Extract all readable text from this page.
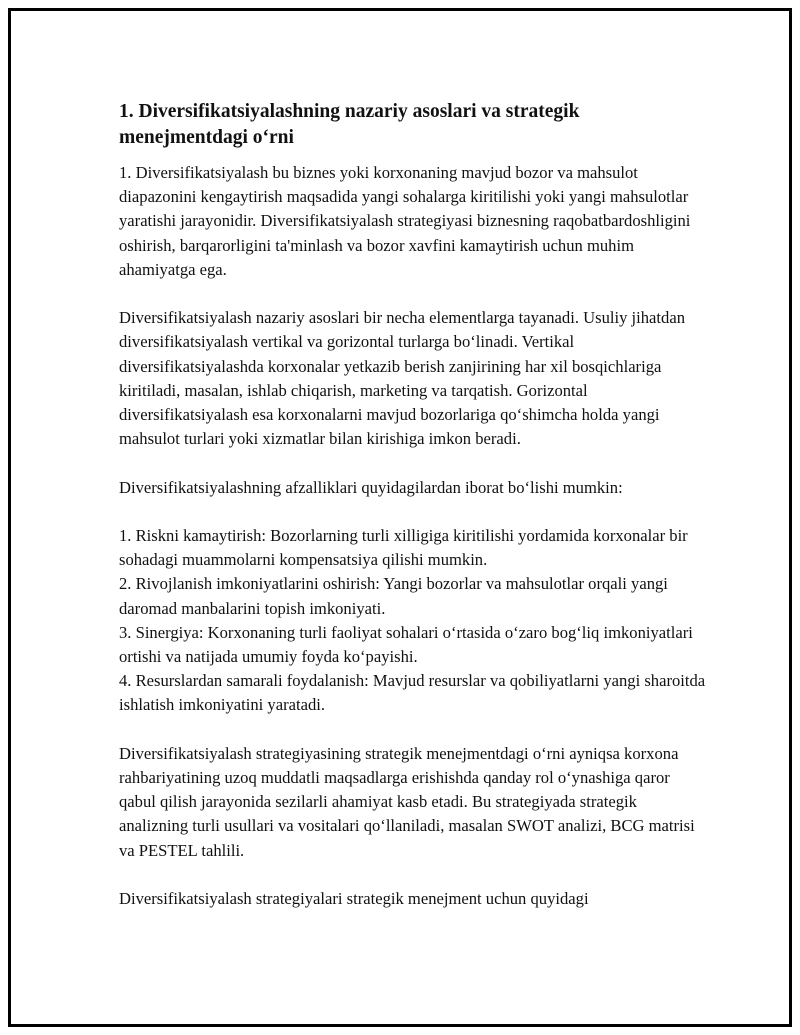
1. Diversifikatsiyalashning nazariy asoslari va strategik menejmentdagi o‘rni

1. Diversifikatsiyalash bu biznes yoki korxonaning mavjud bozor va mahsulot diapazonini kengaytirish maqsadida yangi sohalarga kiritilishi yoki yangi mahsulotlar yaratishi jarayonidir. Diversifikatsiyalash strategiyasi biznesning raqobatbardoshligini oshirish, barqarorligini ta'minlash va bozor xavfini kamaytirish uchun muhim ahamiyatga ega.

Diversifikatsiyalash nazariy asoslari bir necha elementlarga tayanadi. Usuliy jihatdan diversifikatsiyalash vertikal va gorizontal turlarga bo‘linadi. Vertikal diversifikatsiyalashda korxonalar yetkazib berish zanjirining har xil bosqichlariga kiritiladi, masalan, ishlab chiqarish, marketing va tarqatish. Gorizontal diversifikatsiyalash esa korxonalarni mavjud bozorlariga qo‘shimcha holda yangi mahsulot turlari yoki xizmatlar bilan kirishiga imkon beradi.

Diversifikatsiyalashning afzalliklari quyidagilardan iborat bo‘lishi mumkin:

1. Riskni kamaytirish: Bozorlarning turli xilligiga kiritilishi yordamida korxonalar bir sohadagi muammolarni kompensatsiya qilishi mumkin.

2. Rivojlanish imkoniyatlarini oshirish: Yangi bozorlar va mahsulotlar orqali yangi daromad manbalarini topish imkoniyati.

3. Sinergiya: Korxonaning turli faoliyat sohalari o‘rtasida o‘zaro bog‘liq imkoniyatlari ortishi va natijada umumiy foyda ko‘payishi.

4. Resurslardan samarali foydalanish: Mavjud resurslar va qobiliyatlarni yangi sharoitda ishlatish imkoniyatini yaratadi.

Diversifikatsiyalash strategiyasining strategik menejmentdagi o‘rni ayniqsa korxona rahbariyatining uzoq muddatli maqsadlarga erishishda qanday rol o‘ynashiga qaror qabul qilish jarayonida sezilarli ahamiyat kasb etadi. Bu strategiyada strategik analizning turli usullari va vositalari qo‘llaniladi, masalan SWOT analizi, BCG matrisi va PESTEL tahlili.

Diversifikatsiyalash strategiyalari strategik menejment uchun quyidagi
